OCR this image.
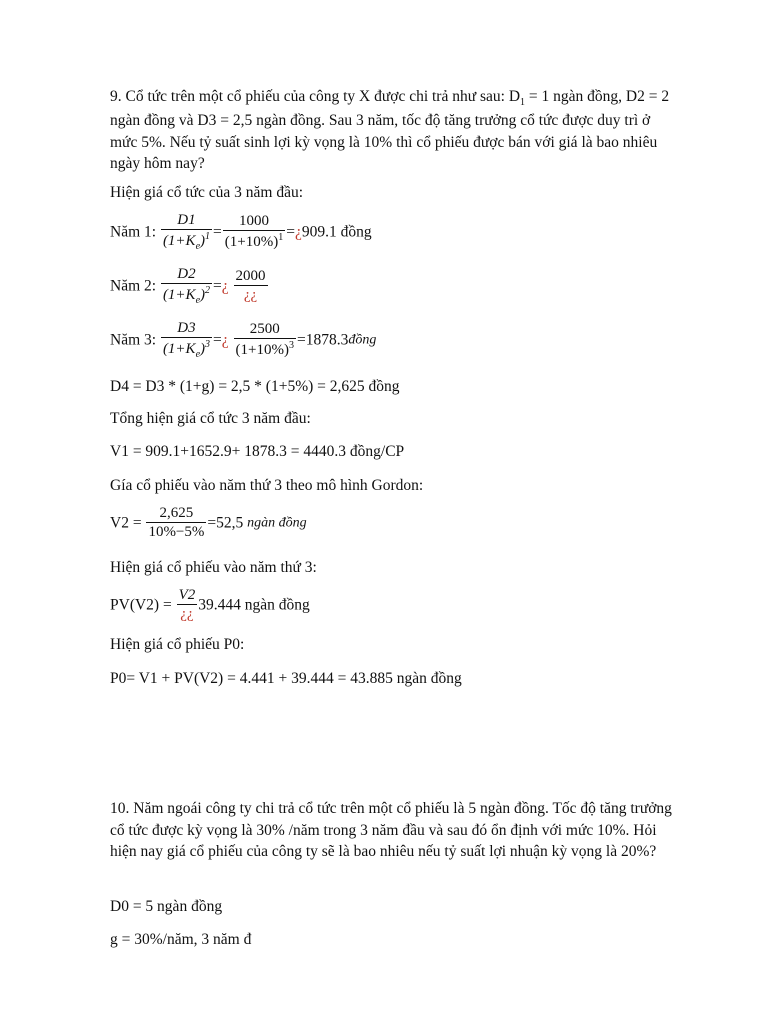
9. Cổ tức trên một cổ phiếu của công ty X được chi trả như sau: $D_1 = 1$ ngàn đồng, D2 = 2 ngàn đồng và D3 = 2,5 ngàn đồng. Sau 3 năm, tốc độ tăng trưởng cổ tức được duy trì ở mức 5%. Nếu tỷ suất sinh lợi kỳ vọng là 10% thì cổ phiếu được bán với giá là bao nhiêu ngày hôm nay?

Hiện giá cổ tức của 3 năm đầu:

Năm 1: $\frac{D1}{(1+K_e)^1} = \frac{1000}{(1+10\%)^1}$ =¿909.1 đồng
Năm 2: $\frac{D2}{(1+K_e)^2}$ =¿ $\frac{2000}{¿¿}$
Năm 3: $\frac{D3}{(1+K_e)^3}$ =¿ $\frac{2500}{(1+10\%)^3}$ =1878.3đồng

D4 = D3 * (1+g) = 2,5 * (1+5%) = 2,625 đồng

Tổng hiện giá cổ tức 3 năm đầu:

V1 = 909.1+1652.9+ 1878.3 = 4440.3 đồng/CP

Gía cổ phiếu vào năm thứ 3 theo mô hình Gordon:

$V2 = \frac{2,625}{10\%-5\%} =52,5$ ngàn đồng

Hiện giá cổ phiếu vào năm thứ 3:

$PV(V2) = \frac{V2}{¿¿} 39.444$ ngàn đồng

Hiện giá cổ phiếu P0:

P0= V1 + PV(V2) = 4.441 + 39.444 = 43.885 ngàn đồng

10. Năm ngoái công ty chi trả cổ tức trên một cổ phiếu là 5 ngàn đồng. Tốc độ tăng trưởng cổ tức được kỳ vọng là 30% /năm trong 3 năm đầu và sau đó ổn định với mức 10%. Hỏi hiện nay giá cổ phiếu của công ty sẽ là bao nhiêu nếu tỷ suất lợi nhuận kỳ vọng là 20%?

D0 = 5 ngàn đồng

g = 30%/năm, 3 năm đ
